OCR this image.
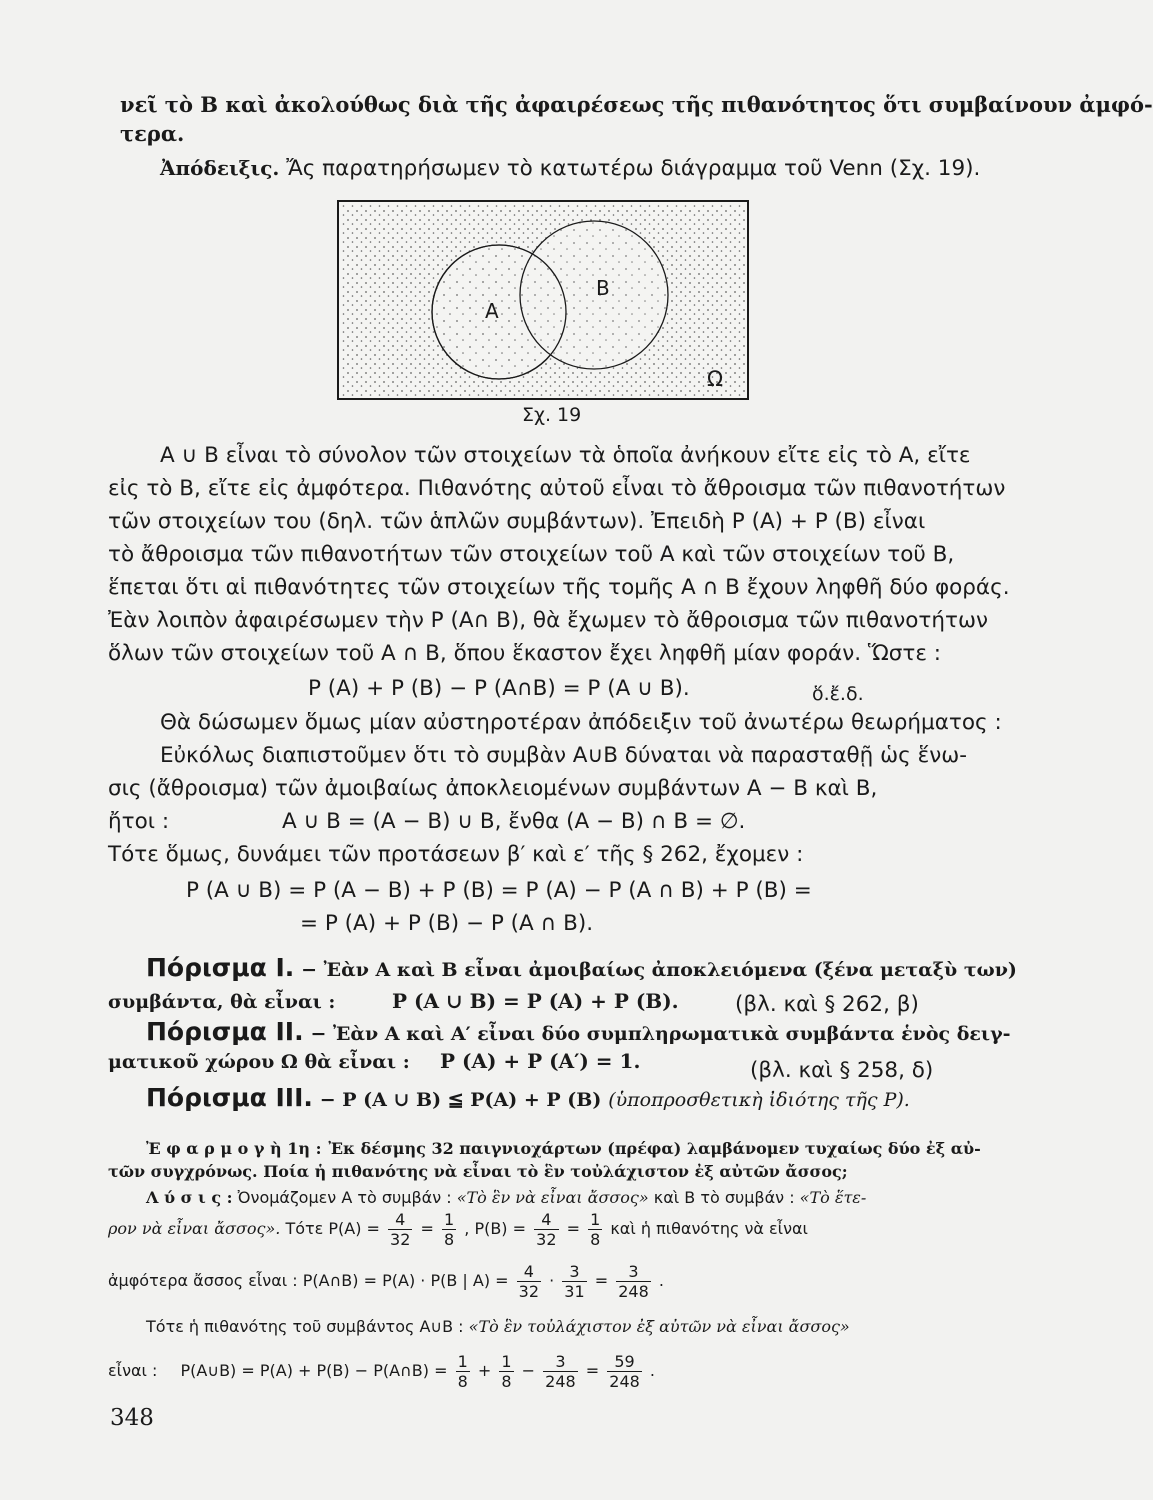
νεῖ τὸ Β καὶ ἀκολούθως διὰ τῆς ἀφαιρέσεως τῆς πιθανότητος ὅτι συμβαίνουν ἀμφό-
τερα.
Ἀπόδειξις. Ἄς παρατηρήσωμεν τὸ κατωτέρω διάγραμμα τοῦ Venn (Σχ. 19).
A
B
Ω
Σχ. 19
A ∪ B εἶναι τὸ σύνολον τῶν στοιχείων τὰ ὁποῖα ἀνήκουν εἴτε εἰς τὸ Α, εἴτε
εἰς τὸ Β, εἴτε εἰς ἀμφότερα. Πιθανότης αὐτοῦ εἶναι τὸ ἄθροισμα τῶν πιθανοτήτων
τῶν στοιχείων του (δηλ. τῶν ἁπλῶν συμβάντων). Ἐπειδὴ P (A) + P (B) εἶναι
τὸ ἄθροισμα τῶν πιθανοτήτων τῶν στοιχείων τοῦ Α καὶ τῶν στοιχείων τοῦ Β,
ἕπεται ὅτι αἱ πιθανότητες τῶν στοιχείων τῆς τομῆς A ∩ B ἔχουν ληφθῆ δύο φοράς.
Ἐὰν λοιπὸν ἀφαιρέσωμεν τὴν P (A∩ B), θὰ ἔχωμεν τὸ ἄθροισμα τῶν πιθανοτήτων
ὅλων τῶν στοιχείων τοῦ A ∩ B, ὅπου ἕκαστον ἔχει ληφθῆ μίαν φοράν. Ὥστε :
P (A) + P (B) − P (A∩B) = P (A ∪ B).	ὅ.ἔ.δ.
Θὰ δώσωμεν ὅμως μίαν αὐστηροτέραν ἀπόδειξιν τοῦ ἀνωτέρω θεωρήματος :
Εὐκόλως διαπιστοῦμεν ὅτι τὸ συμβὰν A∪B δύναται νὰ παρασταθῇ ὡς ἕνω-
σις (ἄθροισμα) τῶν ἀμοιβαίως ἀποκλειομένων συμβάντων A − B καὶ B,
ἤτοι :	A ∪ B = (A − B) ∪ B, ἔνθα (A − B) ∩ B = ∅.
Τότε ὅμως, δυνάμει τῶν προτάσεων β′ καὶ ε′ τῆς § 262, ἔχομεν :
P (A ∪ B) = P (A − B) + P (B) = P (A) − P (A ∩ B) + P (B) =
= P (A) + P (B) − P (A ∩ B).
Πόρισμα Ι. − Ἐὰν Α καὶ Β εἶναι ἀμοιβαίως ἀποκλειόμενα (ξένα μεταξὺ των)
συμβάντα, θὰ εἶναι :	P (A ∪ B) = P (A) + P (B).	(βλ. καὶ § 262, β)
Πόρισμα ΙΙ. − Ἐὰν Α καὶ Α′ εἶναι δύο συμπληρωματικὰ συμβάντα ἑνὸς δειγ-
ματικοῦ χώρου Ω θὰ εἶναι : P (A) + P (A′) = 1.	(βλ. καὶ § 258, δ)
Πόρισμα ΙΙΙ. − P (A ∪ B) ≦ P(A) + P (B) (ὑποπροσθετικὴ ἰδιότης τῆς P).
Ἐ φ α ρ μ ο γ ὴ 1η : Ἐκ δέσμης 32 παιγνιοχάρτων (πρέφα) λαμβάνομεν τυχαίως δύο ἐξ αὐ-
τῶν συγχρόνως. Ποία ἡ πιθανότης νὰ εἶναι τὸ ἓν τοὐλάχιστον ἐξ αὐτῶν ἄσσος;
Λ ύ σ ι ς : Ὀνομάζομεν Α τὸ συμβάν : «Τὸ ἓν νὰ εἶναι ἄσσος» καὶ Β τὸ συμβάν : «Τὸ ἕτε-
ρον νὰ εἶναι ἄσσος». Τότε $P(A) = \frac{4}{32} = \frac{1}{8}$ , $P(B) = \frac{4}{32} = \frac{1}{8}$ καὶ ἡ πιθανότης νὰ εἶναι
ἀμφότερα ἄσσος εἶναι : P(A∩B) = P(A) · P(B | $A) = \frac{4}{32} \cdot \frac{3}{31} = \frac{3}{248}$ .
Τότε ἡ πιθανότης τοῦ συμβάντος A∪B : «Τὸ ἓν τοὐλάχιστον ἐξ αὐτῶν νὰ εἶναι ἄσσος»
εἶναι : P(A∪B) = P(A) + P(B) − P(A∩B) = $\frac{1}{8} + \frac{1}{8} - \frac{3}{248} = \frac{59}{248}$ .
348
